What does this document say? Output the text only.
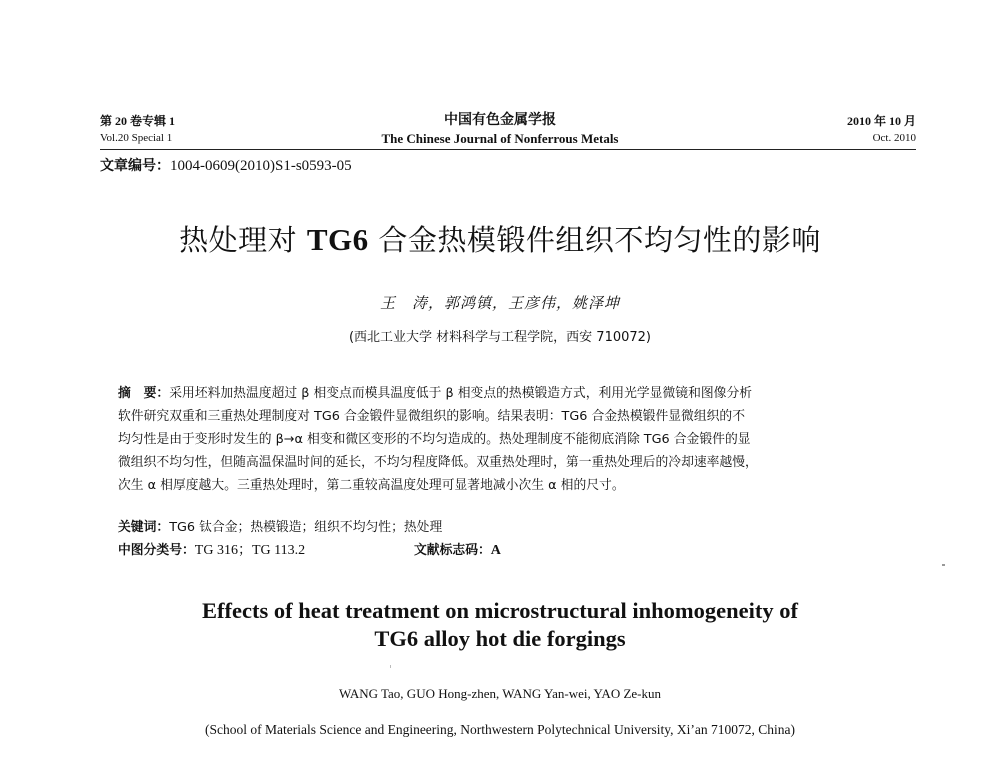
第 20 卷专辑 1
Vol.20 Special 1
中国有色金属学报
The Chinese Journal of Nonferrous Metals
2010 年 10 月
Oct. 2010
文章编号：1004-0609(2010)S1-s0593-05
热处理对 TG6 合金热模锻件组织不均匀性的影响
王　涛，郭鸿镇，王彦伟，姚泽坤
(西北工业大学 材料科学与工程学院，西安 710072)
摘　要：采用坯料加热温度超过 β 相变点而模具温度低于 β 相变点的热模锻造方式，利用光学显微镜和图像分析
软件研究双重和三重热处理制度对 TG6 合金锻件显微组织的影响。结果表明：TG6 合金热模锻件显微组织的不
均匀性是由于变形时发生的 β→α 相变和微区变形的不均匀造成的。热处理制度不能彻底消除 TG6 合金锻件的显
微组织不均匀性，但随高温保温时间的延长，不均匀程度降低。双重热处理时，第一重热处理后的冷却速率越慢，
次生 α 相厚度越大。三重热处理时，第二重较高温度处理可显著地减小次生 α 相的尺寸。
关键词：TG6 钛合金；热模锻造；组织不均匀性；热处理
中图分类号：TG 316；TG 113.2	文献标志码：A
Effects of heat treatment on microstructural inhomogeneity of
TG6 alloy hot die forgings
WANG Tao, GUO Hong-zhen, WANG Yan-wei, YAO Ze-kun
(School of Materials Science and Engineering, Northwestern Polytechnical University, Xi’an 710072, China)
